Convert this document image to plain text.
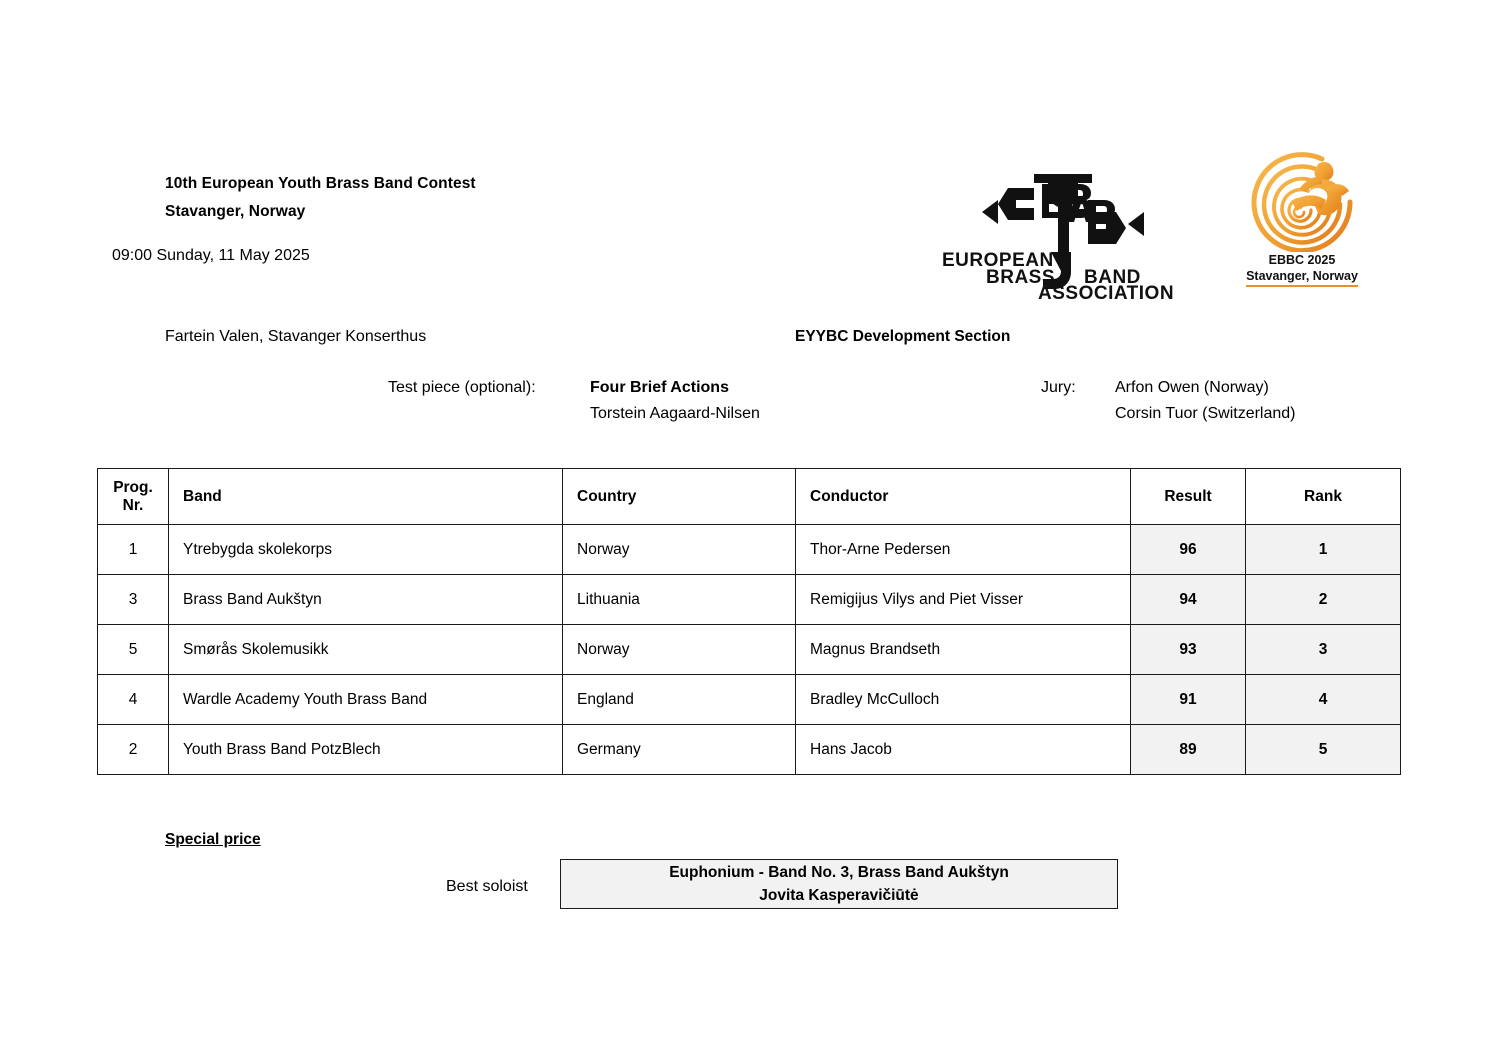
10th European Youth Brass Band Contest
Stavanger, Norway
09:00 Sunday, 11 May 2025
Fartein Valen, Stavanger Konserthus	EYYBC Development Section
Test piece (optional):	Four Brief Actions
Torstein Aagaard-Nilsen
Jury: Arfon Owen (Norway)
Corsin Tuor (Switzerland)
EUROPEAN
BRASS BAND
ASSOCIATION
EBBC 2025
Stavanger, Norway
Prog.
Nr.	Band	Country	Conductor	Result	Rank
1	Ytrebygda skolekorps	Norway	Thor-Arne Pedersen	96	1
3	Brass Band Aukštyn	Lithuania	Remigijus Vilys and Piet Visser	94	2
5	Smørås Skolemusikk	Norway	Magnus Brandseth	93	3
4	Wardle Academy Youth Brass Band	England	Bradley McCulloch	91	4
2	Youth Brass Band PotzBlech	Germany	Hans Jacob	89	5
Special price
Best soloist
Euphonium - Band No. 3, Brass Band Aukštyn
Jovita Kasperavičiūtė
